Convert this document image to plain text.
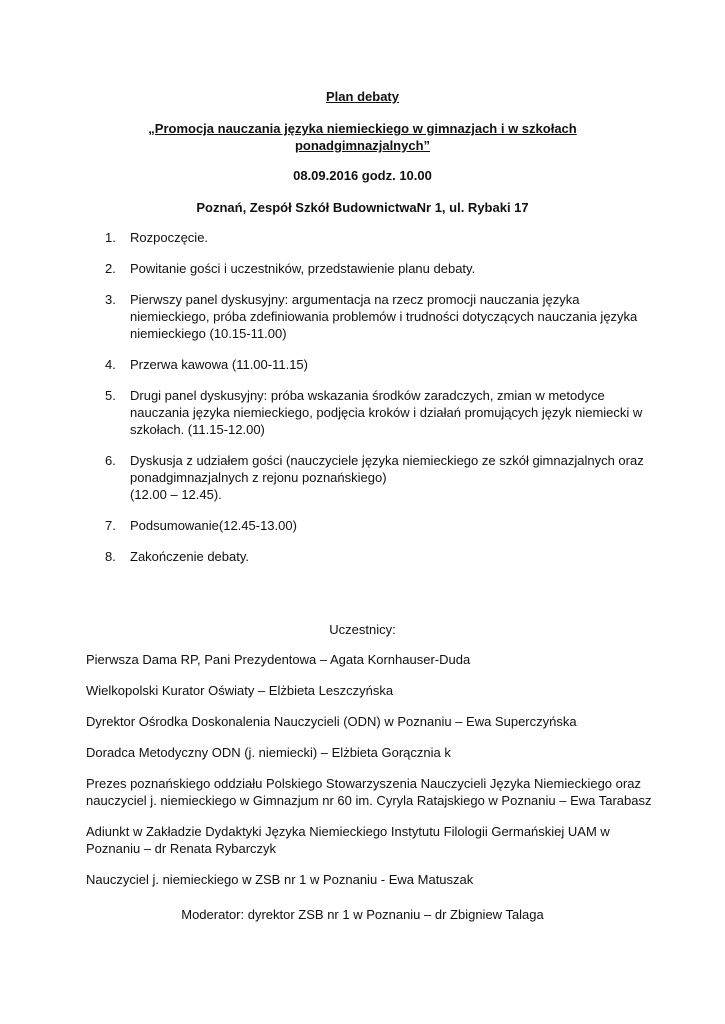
Plan debaty
„Promocja nauczania języka niemieckiego w gimnazjach i w szkołach
ponadgimnazjalnych”
08.09.2016 godz. 10.00
Poznań, Zespół Szkół BudownictwaNr 1, ul. Rybaki 17
1. Rozpoczęcie.
2. Powitanie gości i uczestników, przedstawienie planu debaty.
3. Pierwszy panel dyskusyjny: argumentacja na rzecz promocji nauczania języka niemieckiego, próba zdefiniowania problemów i trudności dotyczących nauczania języka niemieckiego (10.15-11.00)
4. Przerwa kawowa (11.00-11.15)
5. Drugi panel dyskusyjny: próba wskazania środków zaradczych, zmian w metodyce nauczania języka niemieckiego, podjęcia kroków i działań promujących język niemiecki w szkołach. (11.15-12.00)
6. Dyskusja z udziałem gości (nauczyciele języka niemieckiego ze szkół gimnazjalnych oraz ponadgimnazjalnych z rejonu poznańskiego)
(12.00 – 12.45).
7. Podsumowanie(12.45-13.00)
8. Zakończenie debaty.
Uczestnicy:
Pierwsza Dama RP, Pani Prezydentowa – Agata Kornhauser-Duda
Wielkopolski Kurator Oświaty – Elżbieta Leszczyńska
Dyrektor Ośrodka Doskonalenia Nauczycieli (ODN) w Poznaniu – Ewa Superczyńska
Doradca Metodyczny ODN (j. niemiecki) – Elżbieta Gorącznia k
Prezes poznańskiego oddziału Polskiego Stowarzyszenia Nauczycieli Języka Niemieckiego oraz nauczyciel j. niemieckiego w Gimnazjum nr 60 im. Cyryla Ratajskiego w Poznaniu – Ewa Tarabasz
Adiunkt w Zakładzie Dydaktyki Języka Niemieckiego Instytutu Filologii Germańskiej UAM w Poznaniu – dr Renata Rybarczyk
Nauczyciel j. niemieckiego w ZSB nr 1 w Poznaniu - Ewa Matuszak
Moderator: dyrektor ZSB nr 1 w Poznaniu – dr Zbigniew Talaga
